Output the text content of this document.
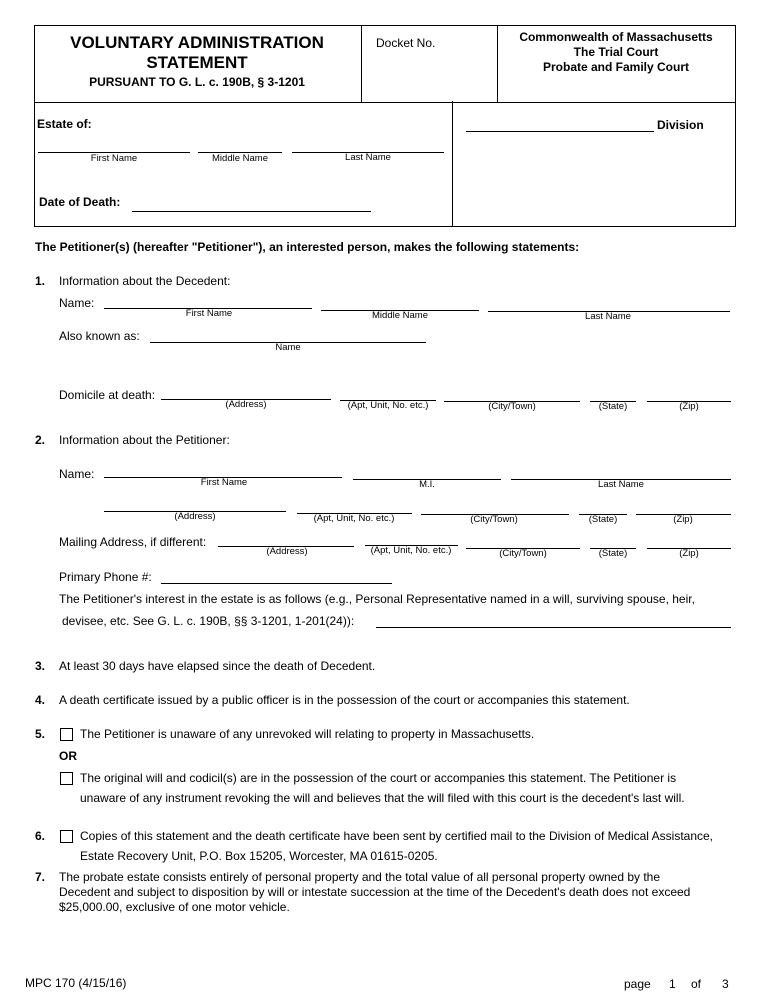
VOLUNTARY ADMINISTRATION
STATEMENT
PURSUANT TO G. L. c. 190B, § 3-1201
Docket No.	Commonwealth of Massachusetts
The Trial Court
Probate and Family Court
Estate of:
First Name	Middle Name	Last Name
Date of Death:
Division
The Petitioner(s) (hereafter "Petitioner"), an interested person, makes the following statements:
1. Information about the Decedent:
Name:
First Name	Middle Name	Last Name
Also known as:
Name
Domicile at death:
(Address)	(Apt, Unit, No. etc.)	(City/Town)	(State)	(Zip)
2. Information about the Petitioner:
Name:
First Name	M.I.	Last Name
(Address)	(Apt, Unit, No. etc.)	(City/Town)	(State)	(Zip)
Mailing Address, if different:
(Address)	(Apt, Unit, No. etc.)	(City/Town)	(State)	(Zip)
Primary Phone #:
The Petitioner's interest in the estate is as follows (e.g., Personal Representative named in a will, surviving spouse, heir,
devisee, etc. See G. L. c. 190B, §§ 3-1201, 1-201(24)):
3. At least 30 days have elapsed since the death of Decedent.
4. A death certificate issued by a public officer is in the possession of the court or accompanies this statement.
5.	The Petitioner is unaware of any unrevoked will relating to property in Massachusetts.
OR
The original will and codicil(s) are in the possession of the court or accompanies this statement. The Petitioner is
unaware of any instrument revoking the will and believes that the will filed with this court is the decedent's last will.
6.	Copies of this statement and the death certificate have been sent by certified mail to the Division of Medical Assistance,
Estate Recovery Unit, P.O. Box 15205, Worcester, MA 01615-0205.
7. The probate estate consists entirely of personal property and the total value of all personal property owned by the
Decedent and subject to disposition by will or intestate succession at the time of the Decedent's death does not exceed
$25,000.00, exclusive of one motor vehicle.
MPC 170 (4/15/16)	page 1 of 3
